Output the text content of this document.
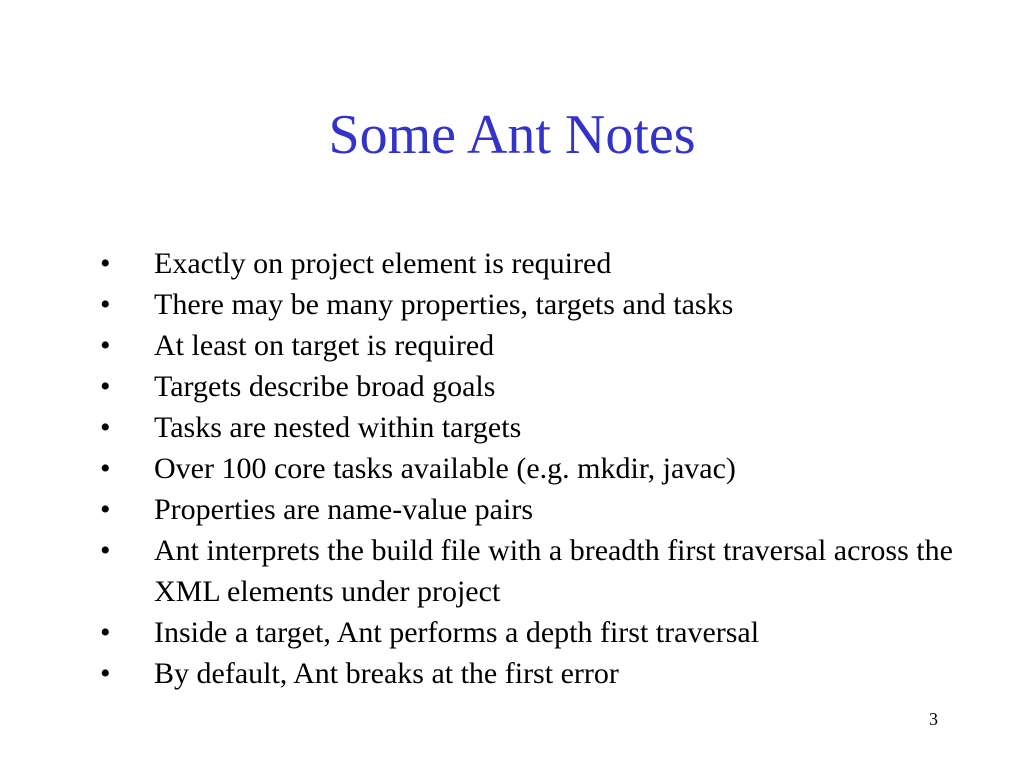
Some Ant Notes
•	Exactly on project element is required
•	There may be many properties, targets and tasks
•	At least on target is required
•	Targets describe broad goals
•	Tasks are nested within targets
•	Over 100 core tasks available (e.g. mkdir, javac)
•	Properties are name-value pairs
•	Ant interprets the build file with a breadth first traversal across the XML elements under project
•	Inside a target, Ant performs a depth first traversal
•	By default, Ant breaks at the first error
3
